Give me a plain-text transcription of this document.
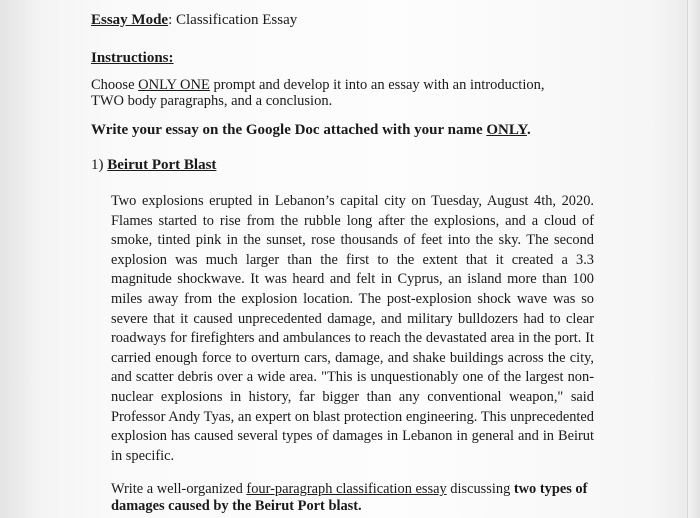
Essay Mode: Classification Essay

Instructions:

Choose ONLY ONE prompt and develop it into an essay with an introduction,
TWO body paragraphs, and a conclusion.

Write your essay on the Google Doc attached with your name ONLY.

1) Beirut Port Blast

Two explosions erupted in Lebanon’s capital city on Tuesday, August 4th, 2020. Flames started to rise from the rubble long after the explosions, and a cloud of smoke, tinted pink in the sunset, rose thousands of feet into the sky. The second explosion was much larger than the first to the extent that it created a 3.3 magnitude shockwave. It was heard and felt in Cyprus, an island more than 100 miles away from the explosion location. The post-explosion shock wave was so severe that it caused unprecedented damage, and military bulldozers had to clear roadways for firefighters and ambulances to reach the devastated area in the port. It carried enough force to overturn cars, damage, and shake buildings across the city, and scatter debris over a wide area. "This is unquestionably one of the largest non-nuclear explosions in history, far bigger than any conventional weapon," said Professor Andy Tyas, an expert on blast protection engineering. This unprecedented explosion has caused several types of damages in Lebanon in general and in Beirut in specific.

Write a well-organized four-paragraph classification essay discussing two types of damages caused by the Beirut Port blast.
